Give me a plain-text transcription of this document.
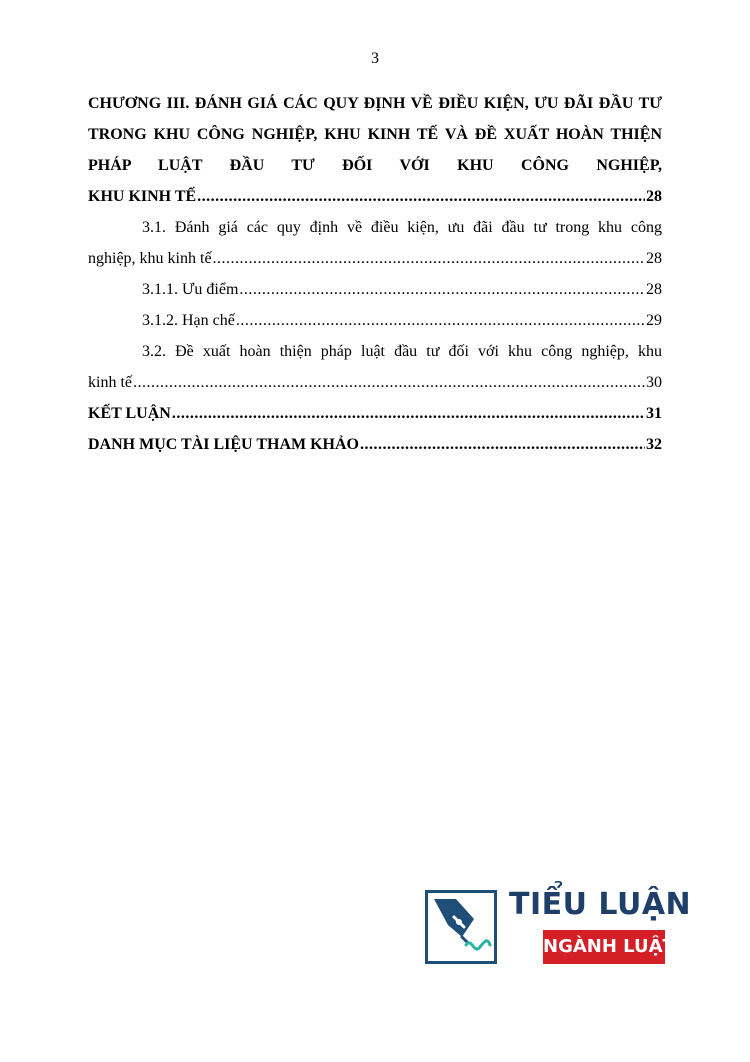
3
CHƯƠNG III. ĐÁNH GIÁ CÁC QUY ĐỊNH VỀ ĐIỀU KIỆN, ƯU ĐÃI ĐẦU TƯ TRONG KHU CÔNG NGHIỆP, KHU KINH TẾ VÀ ĐỀ XUẤT HOÀN THIỆN PHÁP LUẬT ĐẦU TƯ ĐỐI VỚI KHU CÔNG NGHIỆP,
KHU KINH TẾ .....	28
3.1. Đánh giá các quy định về điều kiện, ưu đãi đầu tư trong khu công
nghiệp, khu kinh tế .....	28
3.1.1. Ưu điểm .....	28
3.1.2. Hạn chế .....	29
3.2. Đề xuất hoàn thiện pháp luật đầu tư đối với khu công nghiệp, khu
kinh tế .....	30
KẾT LUẬN .....	31
DANH MỤC TÀI LIỆU THAM KHẢO .....	32
TIỂU LUẬN
NGÀNH LUẬT
